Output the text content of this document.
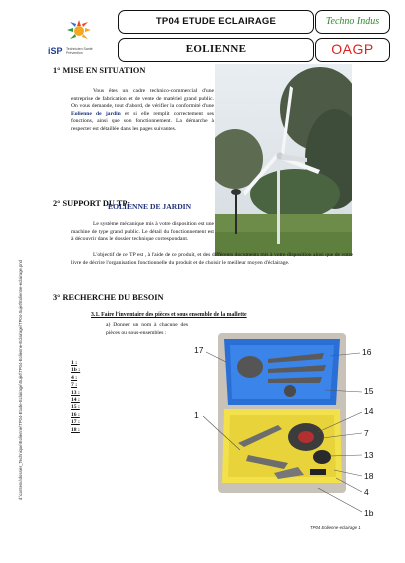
iSP Technicien Santé Prévention
TP04 ETUDE ECLAIRAGE
EOLIENNE
Techno Indus
OAGP
d:\contenu\dossier_Technique\Eolienne\TP04-Etude-Eclairage\Sujet\TP04-Eolienne-Eclairage\TP04-Sujet\Eolienne-eclairage.pnd
1° MISE EN SITUATION
Vous êtes un cadre technico-commercial d'une entreprise de fabrication et de vente de matériel grand public. On vous demande, tout d'abord, de vérifier la conformité d'une Eolienne de jardin et si elle remplit correctement ses fonctions, ainsi que son fonctionnement. La démarche à respecter est détaillée dans les pages suivantes.
2° SUPPORT DU TP:
EOLIENNE DE JARDIN
Le système mécanique mis à votre disposition est une machine de type grand public. Le détail du fonctionnement est à découvrir dans le dossier technique correspondant.
L'objectif de ce TP est , à l'aide de ce produit, et des différents documents mis à votre disposition ainsi que de votre livre de décrire l'organisation fonctionnelle du produit et de choisir le meilleur moyen d'éclairage.
3° RECHERCHE DU BESOIN
3.1. Faire l'inventaire des pièces et sous ensemble de la mallette
a) Donner un nom à chacune des pièces ou sous-ensembles :
1 :
1b :
4 :
7 :
13 :
14 :
15 :
16 :
17 :
18 :
17	16
1
15
14
7
13
18
4
1b
TP04 Eolienne-eclairage 1
